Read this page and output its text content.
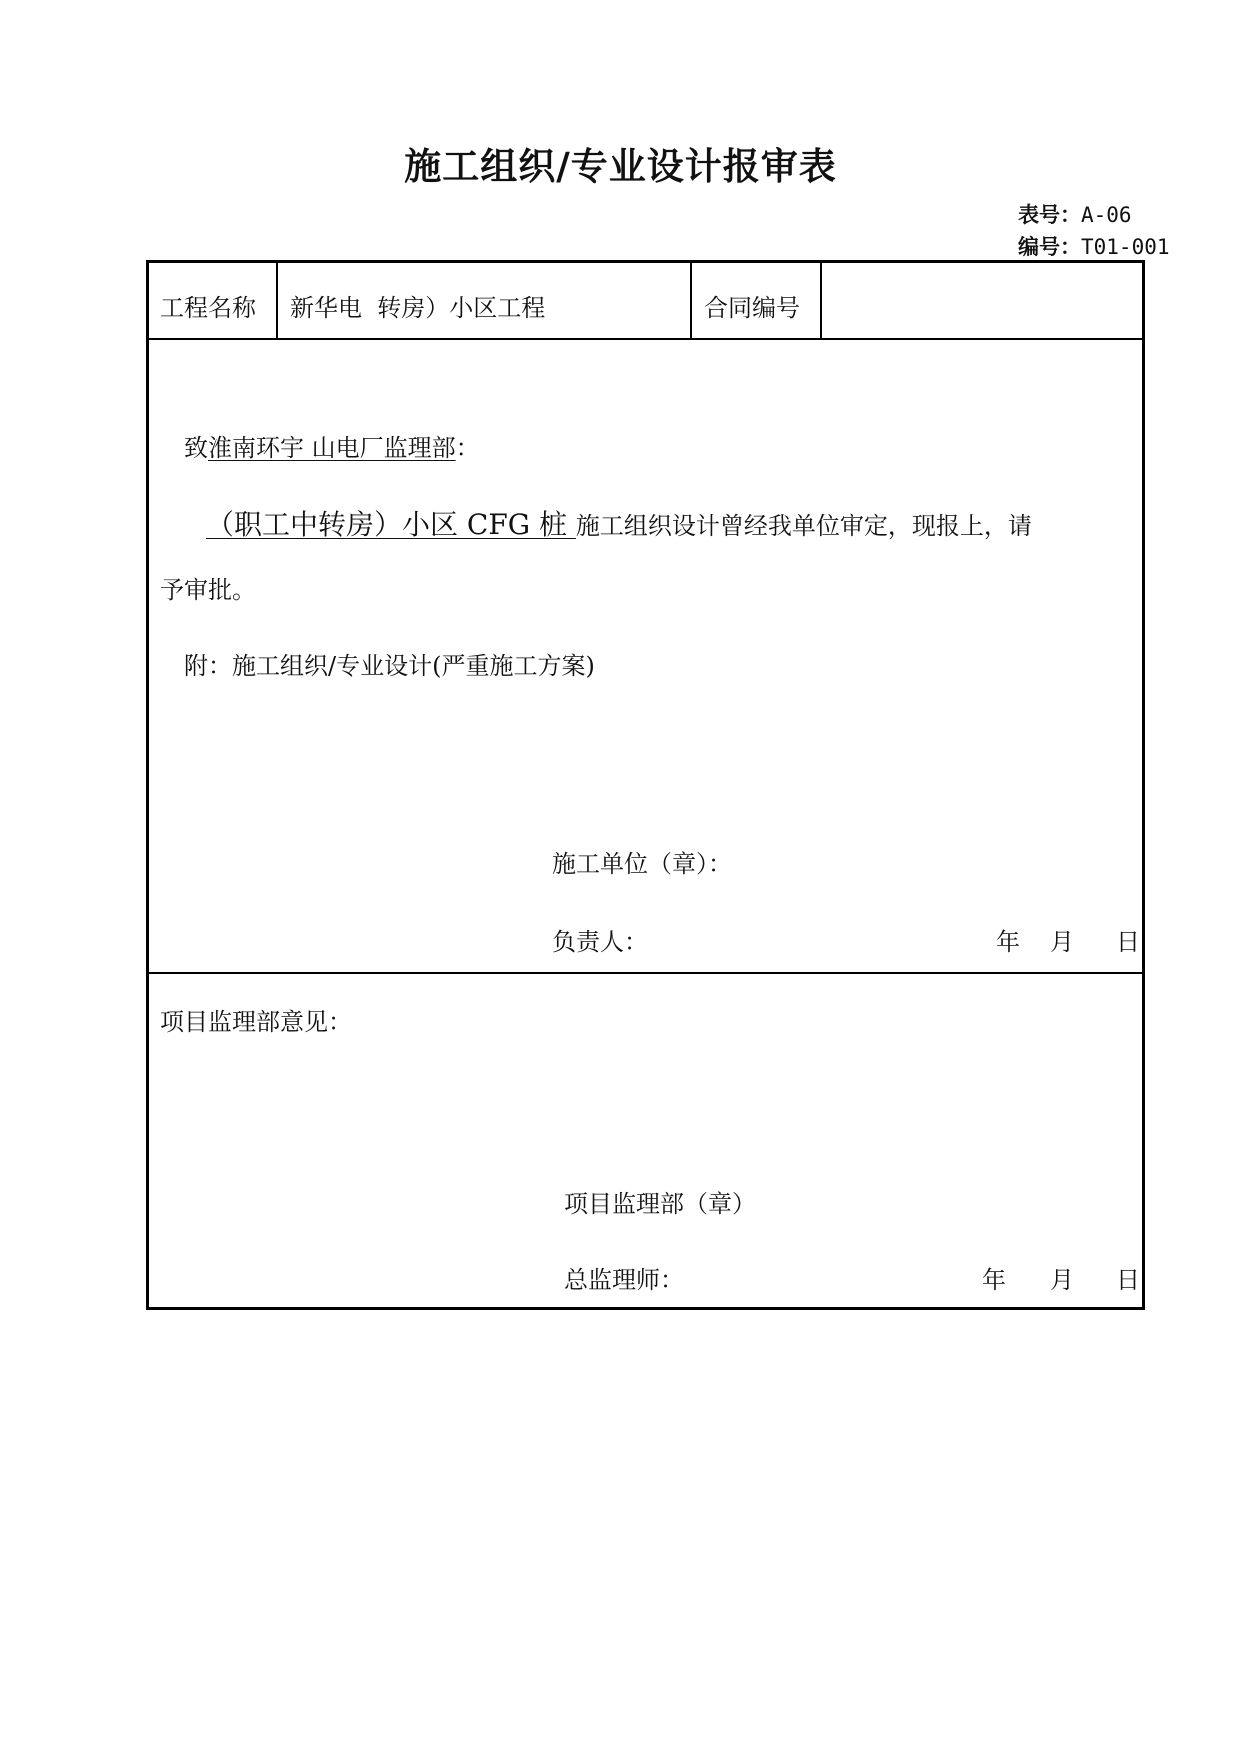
施工组织/专业设计报审表
表号：A-06
编号：T01-001
工程名称 新华电  转房）小区工程	合同编号
致淮南环宇 山电厂监理部：
（职工中转房）小区 CFG 桩 施工组织设计曾经我单位审定，现报上，请
予审批。
附：施工组织/专业设计(严重施工方案)
施工单位（章）：
负责人：	年 月 日
项目监理部意见：
项目监理部（章）
总监理师：	年 月 日
